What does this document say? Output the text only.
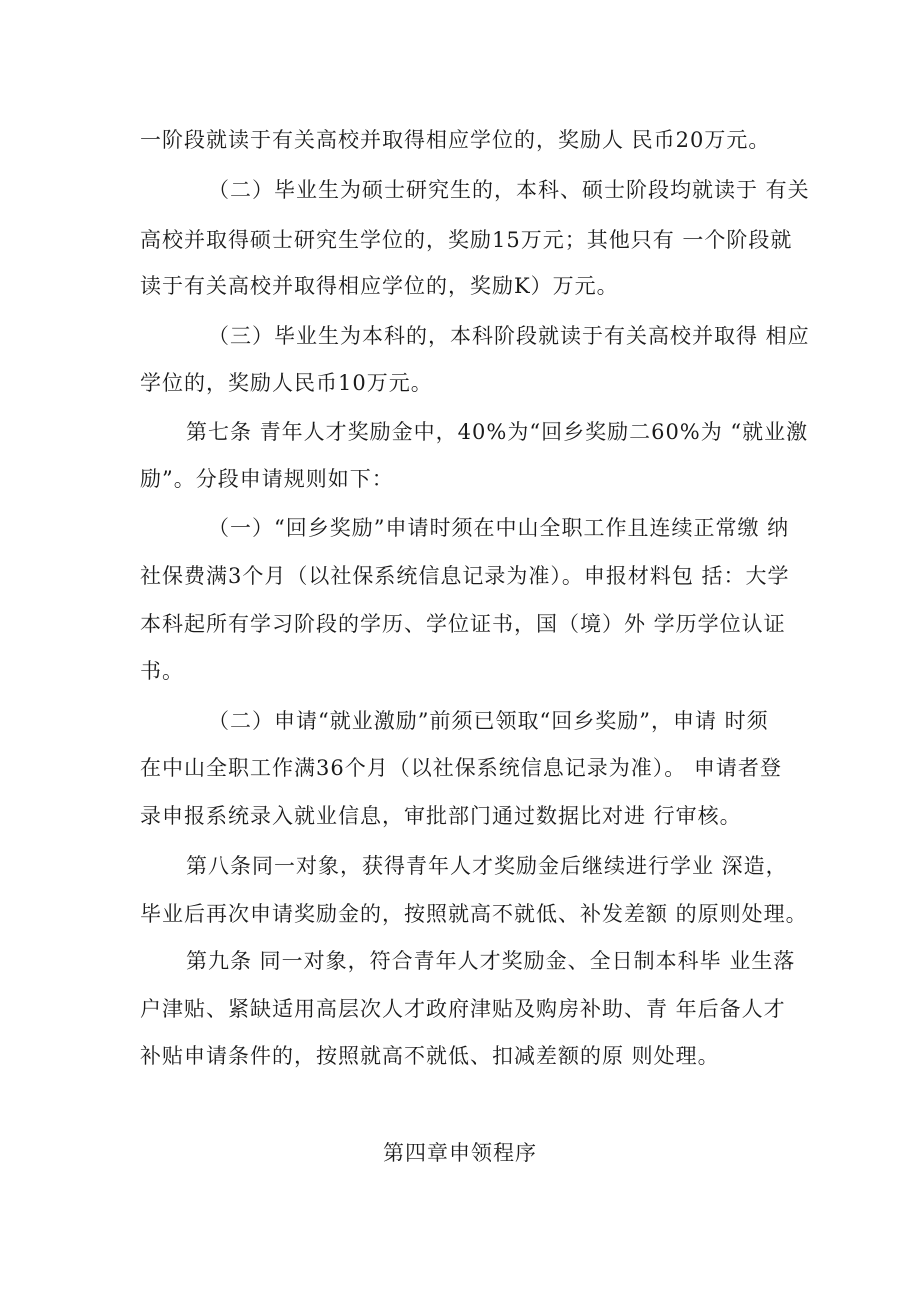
一阶段就读于有关高校并取得相应学位的，奖励人 民币20万元。
（二）毕业生为硕士研究生的，本科、硕士阶段均就读于 有关
高校并取得硕士研究生学位的，奖励15万元；其他只有 一个阶段就
读于有关高校并取得相应学位的，奖励K）万元。
（三）毕业生为本科的，本科阶段就读于有关高校并取得 相应
学位的，奖励人民币10万元。
第七条 青年人才奖励金中，40%为“回乡奖励二60%为 “就业激
励”。分段申请规则如下：
（一）“回乡奖励”申请时须在中山全职工作且连续正常缴 纳
社保费满3个月（以社保系统信息记录为准）。申报材料包 括：大学
本科起所有学习阶段的学历、学位证书，国（境）外 学历学位认证
书。
（二）申请“就业激励”前须已领取“回乡奖励”，申请 时须
在中山全职工作满36个月（以社保系统信息记录为准）。 申请者登
录申报系统录入就业信息，审批部门通过数据比对进 行审核。
第八条同一对象，获得青年人才奖励金后继续进行学业 深造，
毕业后再次申请奖励金的，按照就高不就低、补发差额 的原则处理。
第九条 同一对象，符合青年人才奖励金、全日制本科毕 业生落
户津贴、紧缺适用高层次人才政府津贴及购房补助、青 年后备人才
补贴申请条件的，按照就高不就低、扣减差额的原 则处理。
第四章申领程序
